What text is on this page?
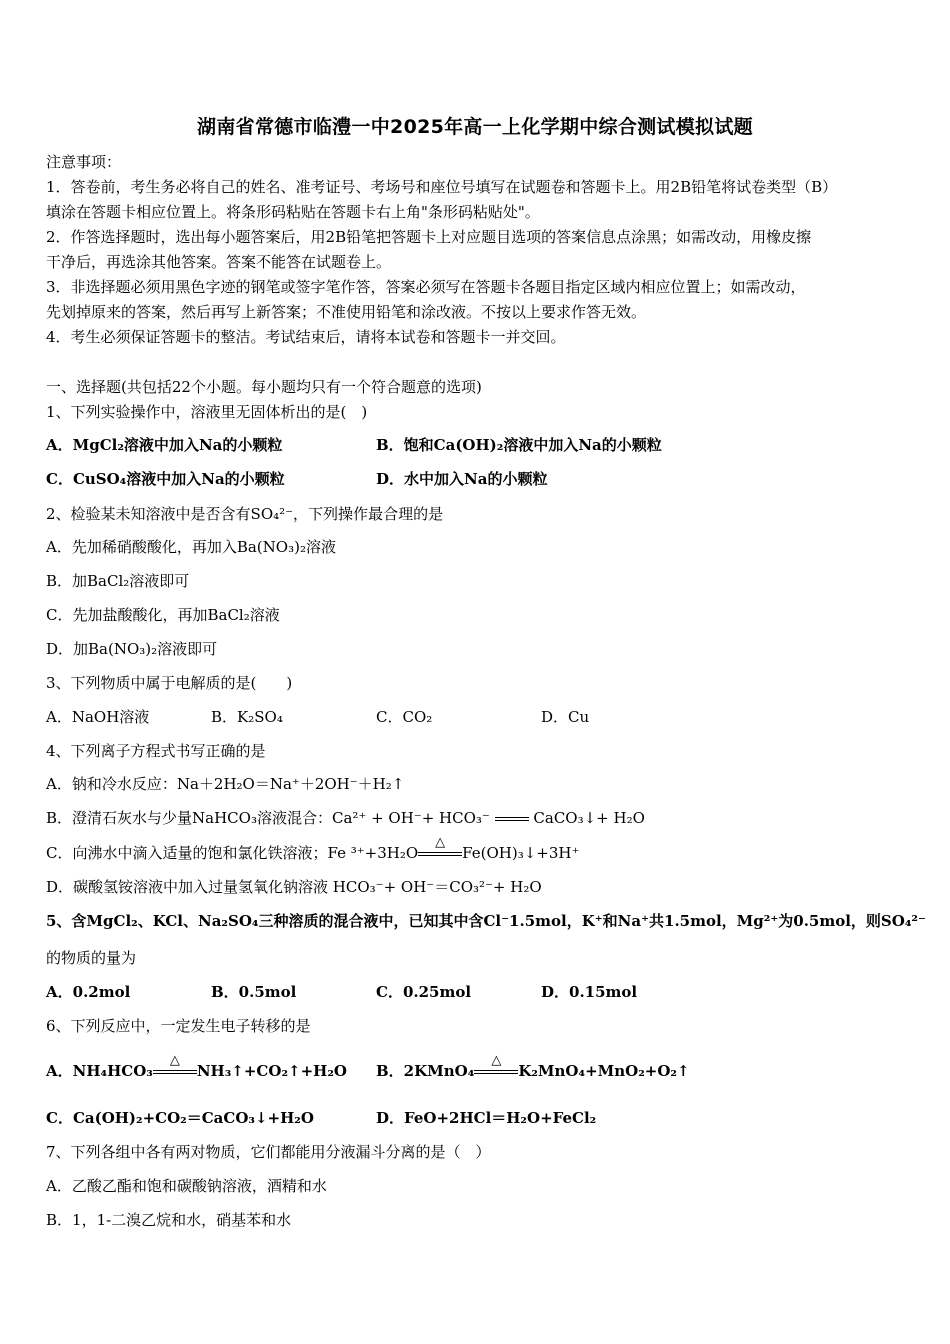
湖南省常德市临澧一中2025年高一上化学期中综合测试模拟试题
注意事项：
1．答卷前，考生务必将自己的姓名、准考证号、考场号和座位号填写在试题卷和答题卡上。用2B铅笔将试卷类型（B）
填涂在答题卡相应位置上。将条形码粘贴在答题卡右上角"条形码粘贴处"。
2．作答选择题时，选出每小题答案后，用2B铅笔把答题卡上对应题目选项的答案信息点涂黑；如需改动，用橡皮擦
干净后，再选涂其他答案。答案不能答在试题卷上。
3．非选择题必须用黑色字迹的钢笔或签字笔作答，答案必须写在答题卡各题目指定区域内相应位置上；如需改动，
先划掉原来的答案，然后再写上新答案；不准使用铅笔和涂改液。不按以上要求作答无效。
4．考生必须保证答题卡的整洁。考试结束后，请将本试卷和答题卡一并交回。
一、选择题(共包括22个小题。每小题均只有一个符合题意的选项)
1、下列实验操作中，溶液里无固体析出的是(　)
A．MgCl₂溶液中加入Na的小颗粒	B．饱和Ca(OH)₂溶液中加入Na的小颗粒
C．CuSO₄溶液中加入Na的小颗粒	D．水中加入Na的小颗粒
2、检验某未知溶液中是否含有SO₄²⁻，下列操作最合理的是
A．先加稀硝酸酸化，再加入Ba(NO₃)₂溶液
B．加BaCl₂溶液即可
C．先加盐酸酸化，再加BaCl₂溶液
D．加Ba(NO₃)₂溶液即可
3、下列物质中属于电解质的是(　　)
A．NaOH溶液	B．K₂SO₄	C．CO₂	D．Cu
4、下列离子方程式书写正确的是
A．钠和冷水反应：Na＋2H₂O＝Na⁺＋2OH⁻＋H₂↑
B．澄清石灰水与少量NaHCO₃溶液混合：Ca²⁺ + OH⁻+ HCO₃⁻	CaCO₃↓+ H₂O
C．向沸水中滴入适量的饱和氯化铁溶液；Fe ³⁺+3H₂O
△
Fe(OH)₃↓+3H⁺
D．碳酸氢铵溶液中加入过量氢氧化钠溶液 HCO₃⁻+ OH⁻＝CO₃²⁻+ H₂O
5、含MgCl₂、KCl、Na₂SO₄三种溶质的混合液中，已知其中含Cl⁻1.5mol，K⁺和Na⁺共1.5mol，Mg²⁺为0.5mol，则SO₄²⁻
的物质的量为
A．0.2mol	B．0.5mol	C．0.25mol	D．0.15mol
6、下列反应中，一定发生电子转移的是
A．NH₄HCO₃
△
NH₃↑+CO₂↑+H₂O B．2KMnO₄
△
K₂MnO₄+MnO₂+O₂↑
C．Ca(OH)₂+CO₂＝CaCO₃↓+H₂O	D．FeO+2HCl＝H₂O+FeCl₂
7、下列各组中各有两对物质，它们都能用分液漏斗分离的是（　）
A．乙酸乙酯和饱和碳酸钠溶液，酒精和水
B．1，1-二溴乙烷和水，硝基苯和水
